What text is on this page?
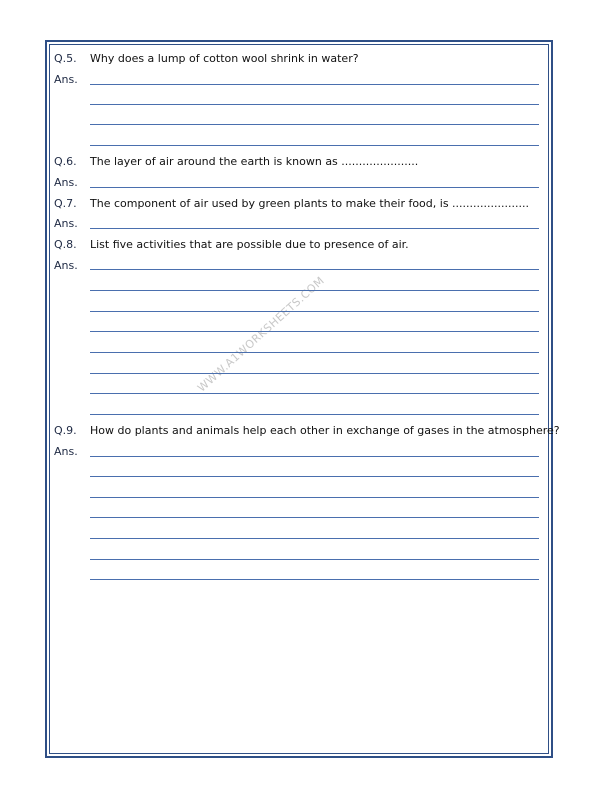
WWW.A1WORKSHEETS.COM
Q.5. Why does a lump of cotton wool shrink in water?
Ans.
Q.6. The layer of air around the earth is known as ......................
Ans.
Q.7. The component of air used by green plants to make their food, is ......................
Ans.
Q.8. List five activities that are possible due to presence of air.
Ans.
Q.9. How do plants and animals help each other in exchange of gases in the atmosphere?
Ans.
